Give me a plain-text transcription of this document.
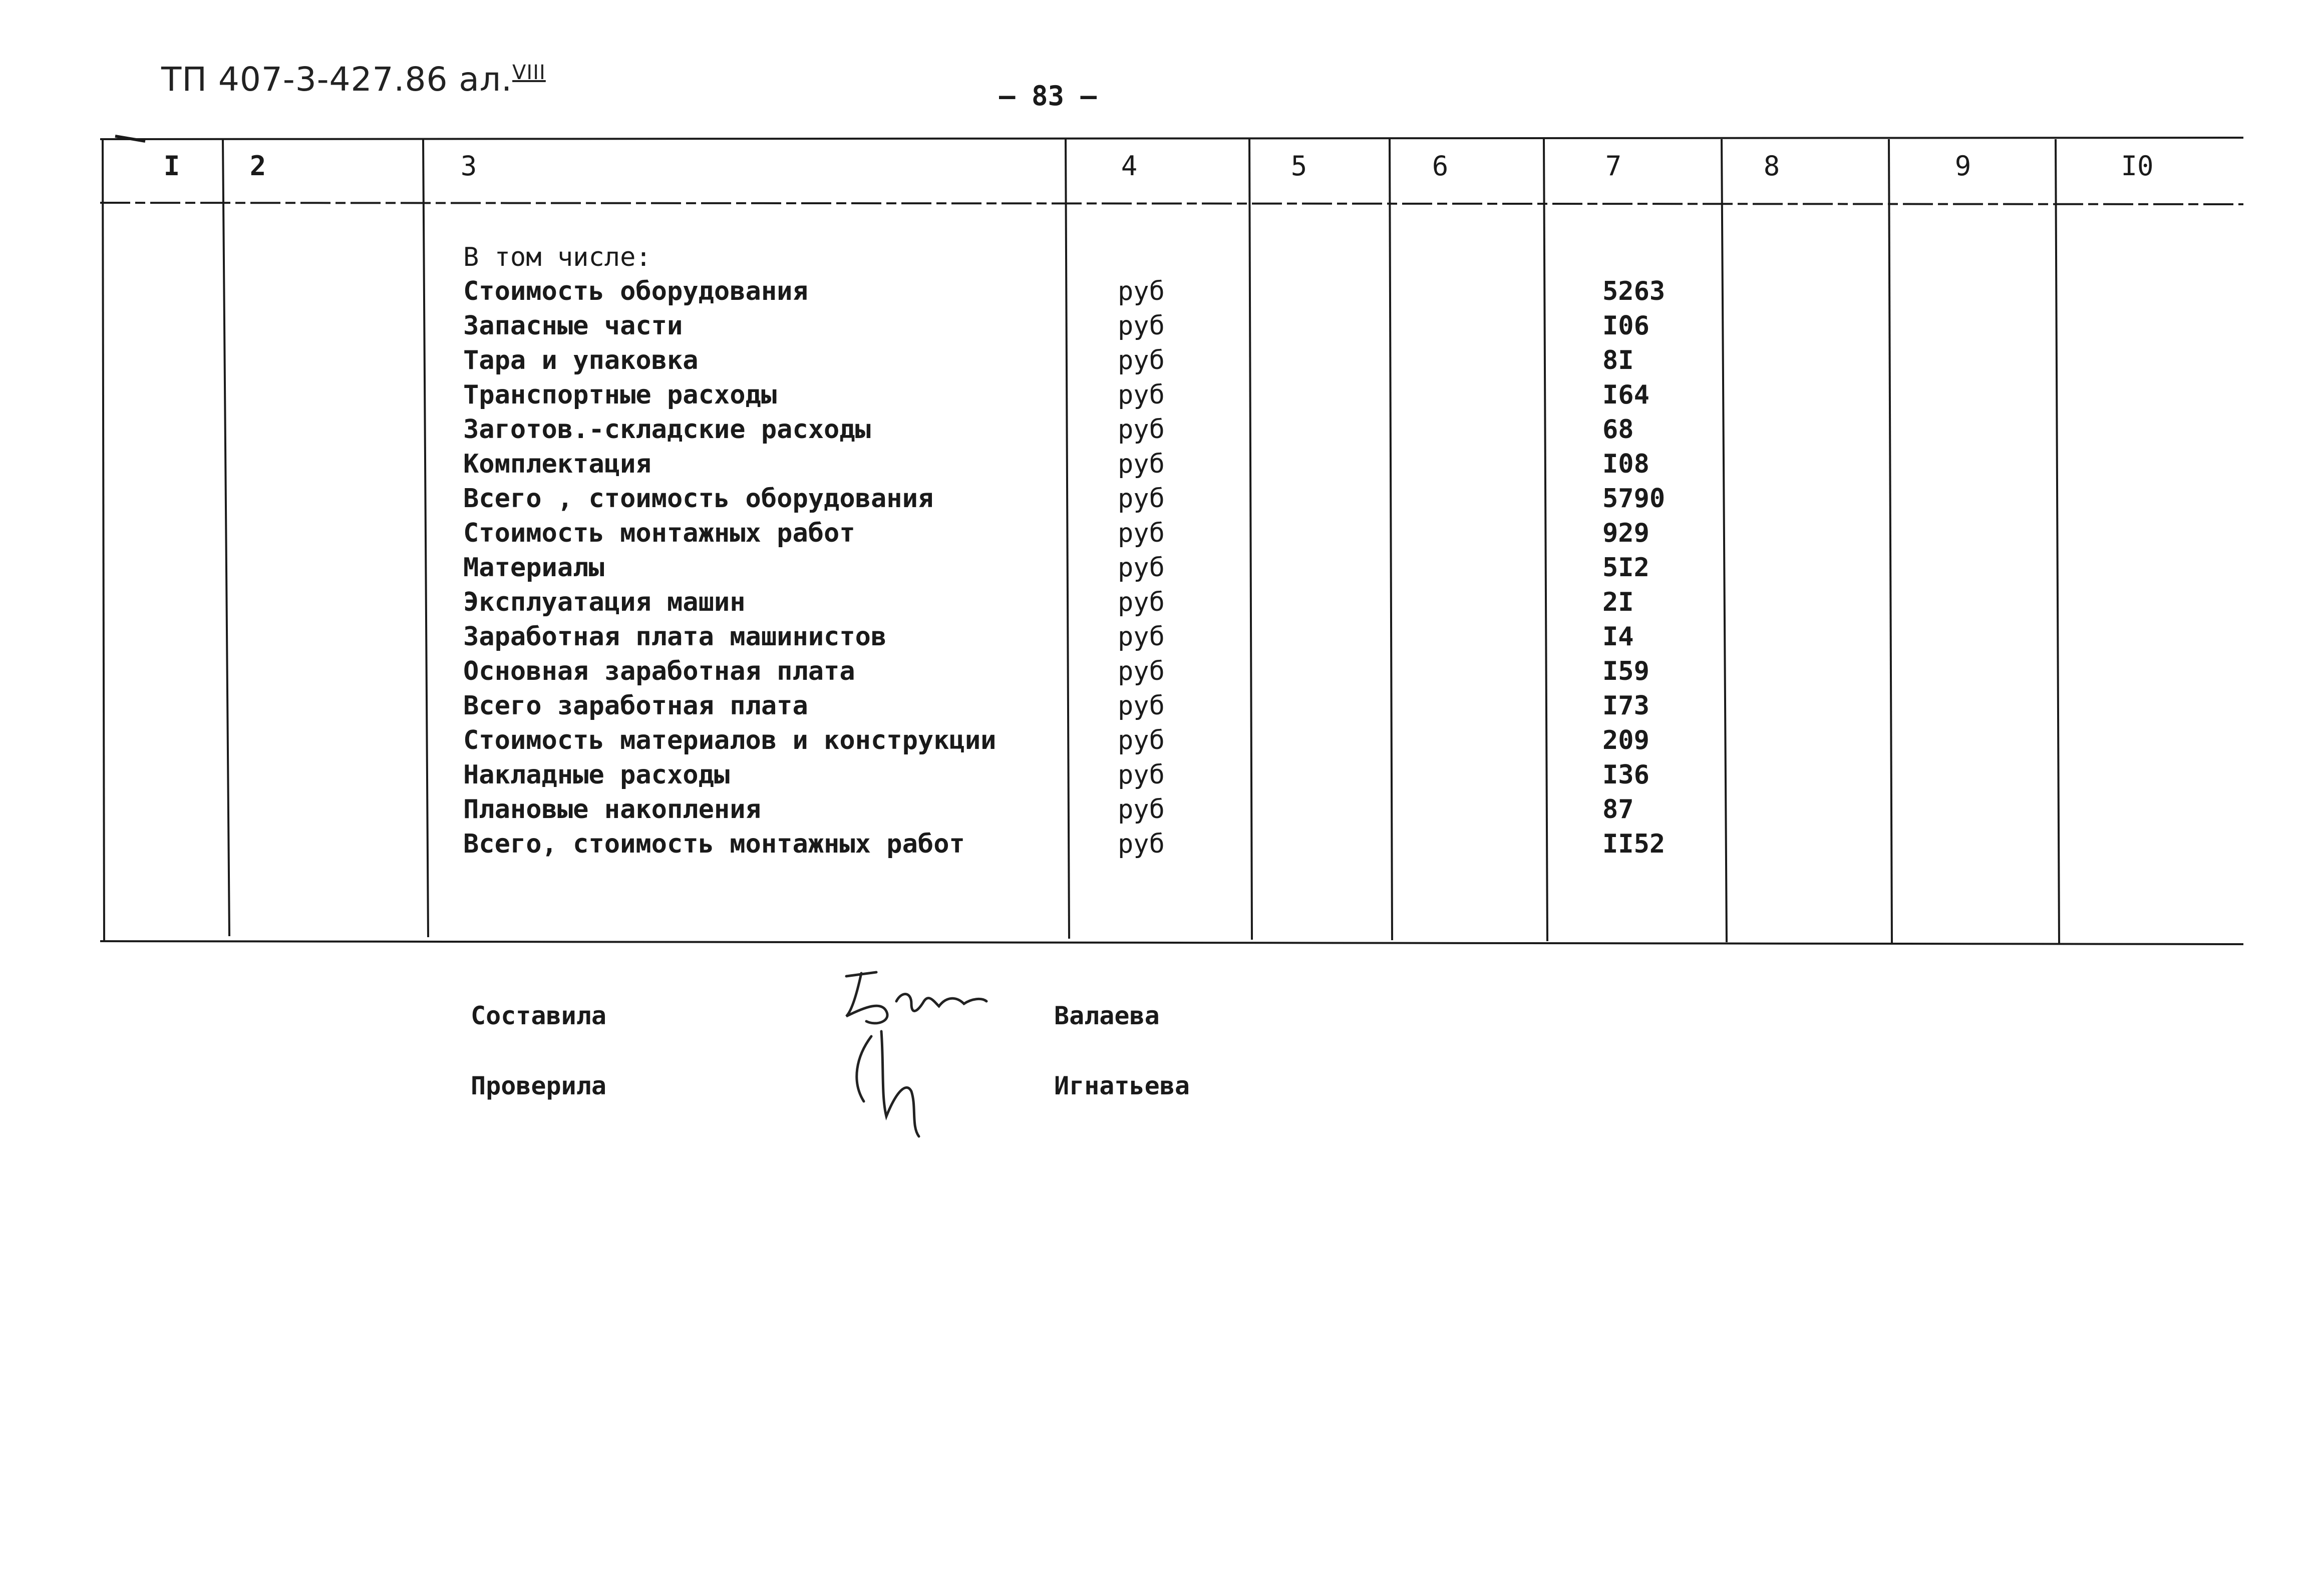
ТП 407-3-427.86 ал.$^{VIII}$
– 83 –
I	2	3	4	5	6	7	8	9	I0
В том числе:
Стоимость оборудования	руб	5263
Запасные части	руб	I06
Тара и упаковка	руб	8I
Транспортные расходы	руб	I64
Заготов.-складские расходы	руб	68
Комплектация	руб	I08
Всего , стоимость оборудования	руб	5790
Стоимость монтажных работ	руб	929
Материалы	руб	5I2
Эксплуатация машин	руб	2I
Заработная плата машинистов	руб	I4
Основная заработная плата	руб	I59
Всего заработная плата	руб	I73
Стоимость материалов и конструкции	руб	209
Накладные расходы	руб	I36
Плановые накопления	руб	87
Всего, стоимость монтажных работ	руб	II52
Составила	Валаева
Проверила	Игнатьева
